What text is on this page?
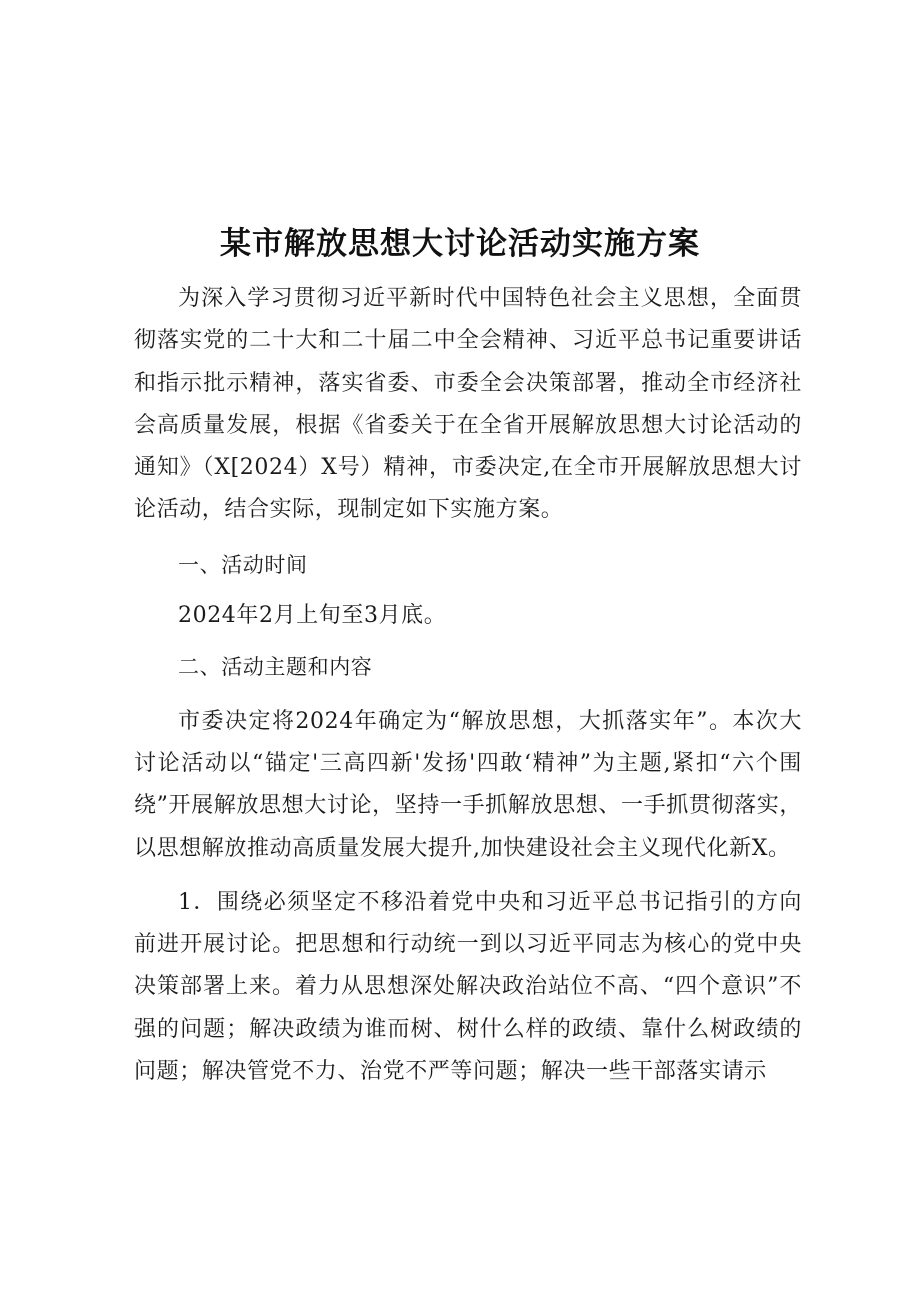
某市解放思想大讨论活动实施方案

为深入学习贯彻习近平新时代中国特色社会主义思想，全面贯彻落实党的二十大和二十届二中全会精神、习近平总书记重要讲话和指示批示精神，落实省委、市委全会决策部署，推动全市经济社会高质量发展，根据《省委关于在全省开展解放思想大讨论活动的通知》（X[2024）X号）精神，市委决定,在全市开展解放思想大讨论活动，结合实际，现制定如下实施方案。

一、活动时间

2024年2月上旬至3月底。

二、活动主题和内容

市委决定将2024年确定为“解放思想，大抓落实年”。本次大讨论活动以“锚定'三高四新'发扬'四敢‘精神”为主题,紧扣“六个围绕”开展解放思想大讨论，坚持一手抓解放思想、一手抓贯彻落实，以思想解放推动高质量发展大提升,加快建设社会主义现代化新X。

1．围绕必须坚定不移沿着党中央和习近平总书记指引的方向前进开展讨论。把思想和行动统一到以习近平同志为核心的党中央决策部署上来。着力从思想深处解决政治站位不高、“四个意识”不强的问题；解决政绩为谁而树、树什么样的政绩、靠什么树政绩的问题；解决管党不力、治党不严等问题；解决一些干部落实请示
